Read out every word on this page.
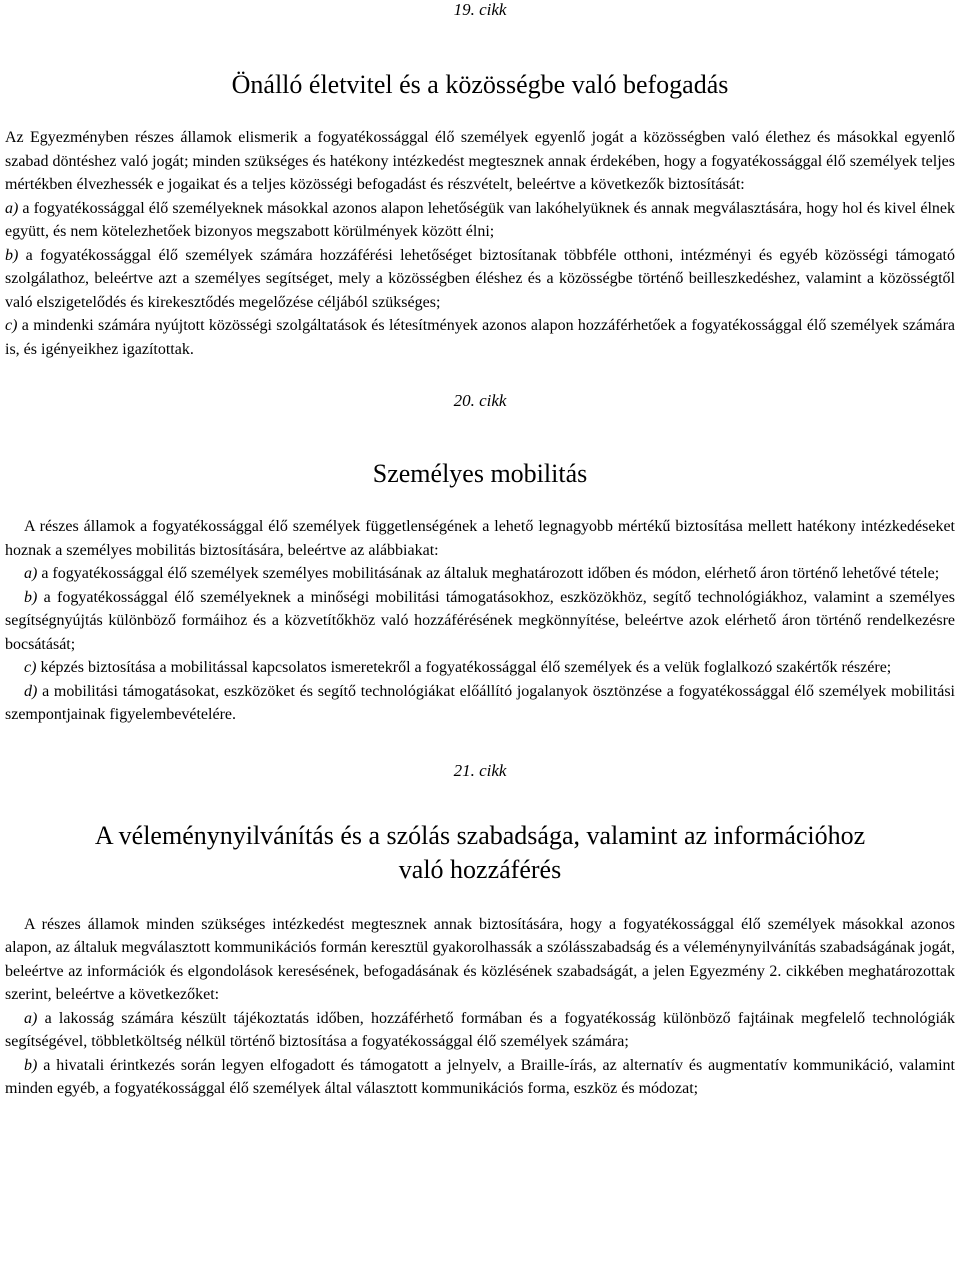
19. cikk

Önálló életvitel és a közösségbe való befogadás

Az Egyezményben részes államok elismerik a fogyatékossággal élő személyek egyenlő jogát a közösségben való élethez és másokkal egyenlő szabad döntéshez való jogát; minden szükséges és hatékony intézkedést megtesznek annak érdekében, hogy a fogyatékossággal élő személyek teljes mértékben élvezhessék e jogaikat és a teljes közösségi befogadást és részvételt, beleértve a következők biztosítását:

a) a fogyatékossággal élő személyeknek másokkal azonos alapon lehetőségük van lakóhelyüknek és annak megválasztására, hogy hol és kivel élnek együtt, és nem kötelezhetőek bizonyos megszabott körülmények között élni;

b) a fogyatékossággal élő személyek számára hozzáférési lehetőséget biztosítanak többféle otthoni, intézményi és egyéb közösségi támogató szolgálathoz, beleértve azt a személyes segítséget, mely a közösségben éléshez és a közösségbe történő beilleszkedéshez, valamint a közösségtől való elszigetelődés és kirekesztődés megelőzése céljából szükséges;

c) a mindenki számára nyújtott közösségi szolgáltatások és létesítmények azonos alapon hozzáférhetőek a fogyatékossággal élő személyek számára is, és igényeikhez igazítottak.

20. cikk

Személyes mobilitás

A részes államok a fogyatékossággal élő személyek függetlenségének a lehető legnagyobb mértékű biztosítása mellett hatékony intézkedéseket hoznak a személyes mobilitás biztosítására, beleértve az alábbiakat:

a) a fogyatékossággal élő személyek személyes mobilitásának az általuk meghatározott időben és módon, elérhető áron történő lehetővé tétele;

b) a fogyatékossággal élő személyeknek a minőségi mobilitási támogatásokhoz, eszközökhöz, segítő technológiákhoz, valamint a személyes segítségnyújtás különböző formáihoz és a közvetítőkhöz való hozzáférésének megkönnyítése, beleértve azok elérhető áron történő rendelkezésre bocsátását;

c) képzés biztosítása a mobilitással kapcsolatos ismeretekről a fogyatékossággal élő személyek és a velük foglalkozó szakértők részére;

d) a mobilitási támogatásokat, eszközöket és segítő technológiákat előállító jogalanyok ösztönzése a fogyatékossággal élő személyek mobilitási szempontjainak figyelembevételére.

21. cikk

A véleménynyilvánítás és a szólás szabadsága, valamint az információhoz való hozzáférés

A részes államok minden szükséges intézkedést megtesznek annak biztosítására, hogy a fogyatékossággal élő személyek másokkal azonos alapon, az általuk megválasztott kommunikációs formán keresztül gyakorolhassák a szólásszabadság és a véleménynyilvánítás szabadságának jogát, beleértve az információk és elgondolások keresésének, befogadásának és közlésének szabadságát, a jelen Egyezmény 2. cikkében meghatározottak szerint, beleértve a következőket:

a) a lakosság számára készült tájékoztatás időben, hozzáférhető formában és a fogyatékosság különböző fajtáinak megfelelő technológiák segítségével, többletköltség nélkül történő biztosítása a fogyatékossággal élő személyek számára;

b) a hivatali érintkezés során legyen elfogadott és támogatott a jelnyelv, a Braille-írás, az alternatív és augmentatív kommunikáció, valamint minden egyéb, a fogyatékossággal élő személyek által választott kommunikációs forma, eszköz és módozat;
